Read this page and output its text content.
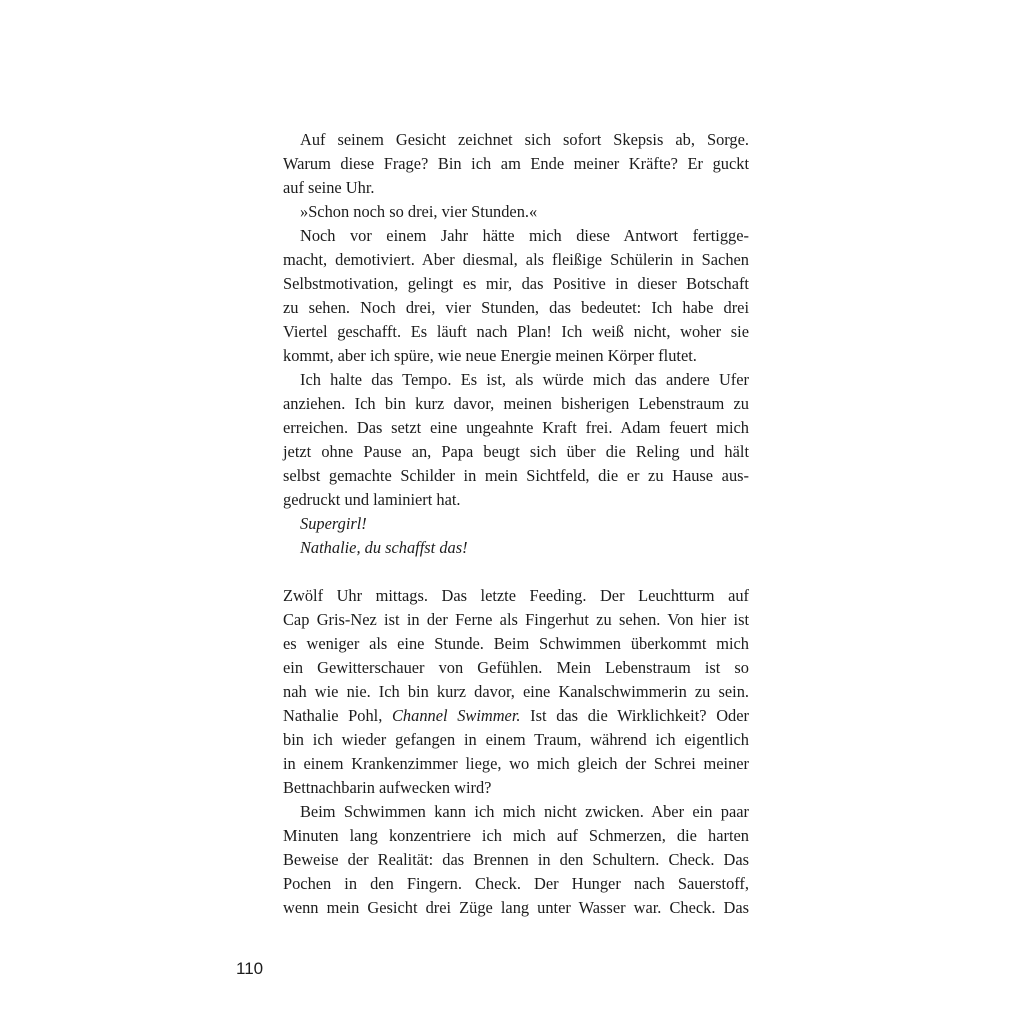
Auf seinem Gesicht zeichnet sich sofort Skepsis ab, Sorge.
Warum diese Frage? Bin ich am Ende meiner Kräfte? Er guckt
auf seine Uhr.

»Schon noch so drei, vier Stunden.«

Noch vor einem Jahr hätte mich diese Antwort fertigge-
macht, demotiviert. Aber diesmal, als fleißige Schülerin in Sachen
Selbstmotivation, gelingt es mir, das Positive in dieser Botschaft
zu sehen. Noch drei, vier Stunden, das bedeutet: Ich habe drei
Viertel geschafft. Es läuft nach Plan! Ich weiß nicht, woher sie
kommt, aber ich spüre, wie neue Energie meinen Körper flutet.

Ich halte das Tempo. Es ist, als würde mich das andere Ufer
anziehen. Ich bin kurz davor, meinen bisherigen Lebenstraum zu
erreichen. Das setzt eine ungeahnte Kraft frei. Adam feuert mich
jetzt ohne Pause an, Papa beugt sich über die Reling und hält
selbst gemachte Schilder in mein Sichtfeld, die er zu Hause aus-
gedruckt und laminiert hat.

Supergirl!

Nathalie, du schaffst das!

Zwölf Uhr mittags. Das letzte Feeding. Der Leuchtturm auf
Cap Gris-Nez ist in der Ferne als Fingerhut zu sehen. Von hier ist
es weniger als eine Stunde. Beim Schwimmen überkommt mich
ein Gewitterschauer von Gefühlen. Mein Lebenstraum ist so
nah wie nie. Ich bin kurz davor, eine Kanalschwimmerin zu sein.
Nathalie Pohl, Channel Swimmer. Ist das die Wirklichkeit? Oder
bin ich wieder gefangen in einem Traum, während ich eigentlich
in einem Krankenzimmer liege, wo mich gleich der Schrei meiner
Bettnachbarin aufwecken wird?

Beim Schwimmen kann ich mich nicht zwicken. Aber ein paar
Minuten lang konzentriere ich mich auf Schmerzen, die harten
Beweise der Realität: das Brennen in den Schultern. Check. Das
Pochen in den Fingern. Check. Der Hunger nach Sauerstoff,
wenn mein Gesicht drei Züge lang unter Wasser war. Check. Das

110
